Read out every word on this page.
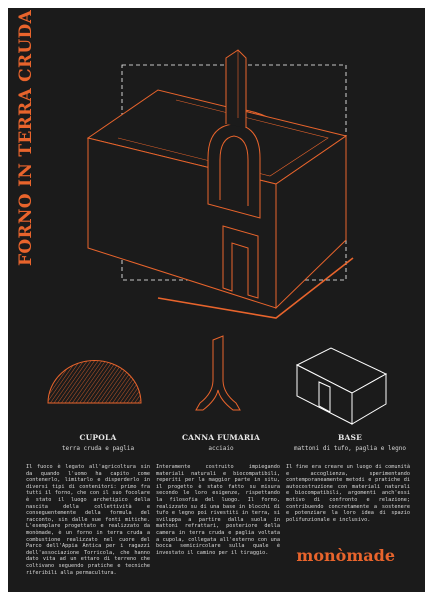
FORNO IN TERRA CRUDA
CUPOLA
terra cruda e paglia
CANNA FUMARIA
acciaio
BASE
mattoni di tufo, paglia e legno
Il fuoco è legato all'agricoltura sin da quando l'uomo ha capito come contenerlo, limitarlo e disperderlo in diversi tipi di contenitori: primo fra tutti il forno, che con il suo focolare è stato il luogo archetipico della nascita della collettività e conseguentemente della formula del racconto, sin dalle sue fonti mitiche. L'esemplare progettato e realizzato da monòmade, è un forno in terra cruda a combustione realizzato nel cuore del Parco dell'Appia Antica per i ragazzi dell'associazione Torricola, che hanno dato vita ad un ettaro di terreno che coltivano seguendo pratiche e tecniche riferibili alla permacultura.
Interamente costruito impiegando materiali naturali e biocompatibili, reperiti per la maggior parte in situ, il progetto è stato fatto su misura secondo le loro esigenze, rispettando la filosofia del luogo. Il forno, realizzato su di una base in blocchi di tufo e legno poi rivestiti in terra, si sviluppa a partire dalla suola in mattoni refrattari, posteriore della camera in terra cruda e paglia voltata a cupola, collegata all'esterno con una bocca semicircolare sulla quale è investato il camino per il tiraggio.
Il fine era creare un luogo di comunità e accoglienza, sperimentando contemporaneamente metodi e pratiche di autocostruzione con materiali naturali e biocompatibili, argomenti anch'essi motivo di confronto e relazione; contribuendo concretamente a sostenere e potenziare la loro idea di spazio polifunzionale e inclusivo.
monòmade
